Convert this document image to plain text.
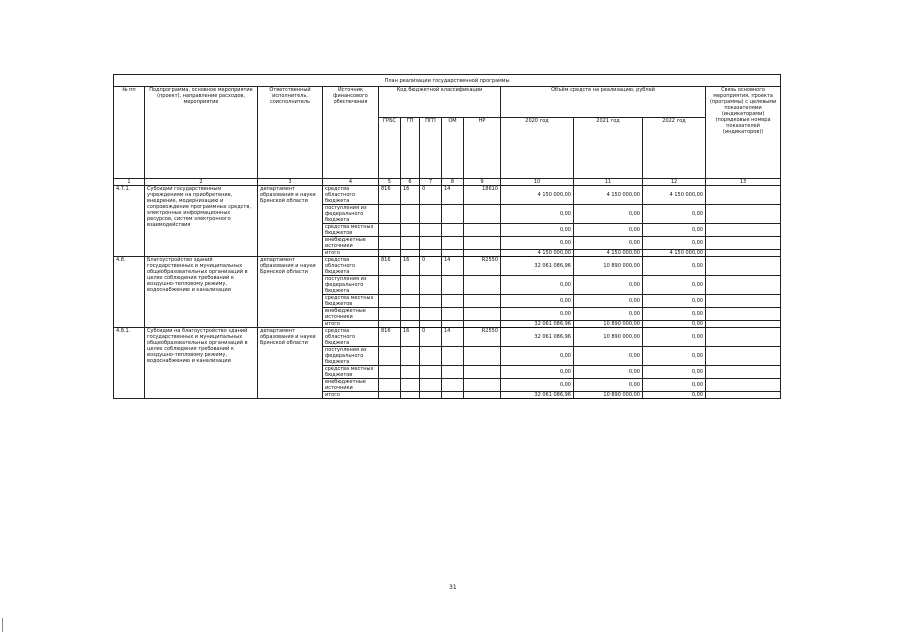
План реализации государственной программы												
№ пп	Подпрограмма, основное мероприятие (проект), направление расходов, мероприятие	Ответственный исполнитель, соисполнитель	Источник финансового обеспечения	Код бюджетной классификации					Объём средств на реализацию, рублей			Связь основного мероприятия, проекта (программы) с целевыми показателями (индикаторами) (порядковые номера показателей (индикаторов))
				ГРБС	ГП	ПГП	ОМ	НР	2020 год	2021 год	2022 год	
1	2	3	4	5	6	7	8	9	10	11	12	13
4.7.1.	Субсидии государственным учреждениям на приобретение, внедрение, модернизацию и сопровождение программных средств, электронных информационных ресурсов, систем электронного взаимодействия	департамент образования и науки Брянской области	средства областного бюджета	816	16	0	14	18610	4 150 000,00	4 150 000,00	4 150 000,00	
			поступления из федерального бюджета						0,00	0,00	0,00	
			средства местных бюджетов						0,00	0,00	0,00	
			внебюджетные источники						0,00	0,00	0,00	
			итого						4 150 000,00	4 150 000,00	4 150 000,00	
4.8.	Благоустройство зданий государственных и муниципальных общеобразовательных организаций в целях соблюдения требований к воздушно-тепловому режиму, водоснабжению и канализации	департамент образования и науки Брянской области	средства областного бюджета	816	16	0	14	R2550	32 061 086,96	10 890 000,00	0,00	
			поступления из федерального бюджета						0,00	0,00	0,00	
			средства местных бюджетов						0,00	0,00	0,00	
			внебюджетные источники						0,00	0,00	0,00	
			итого						32 061 086,96	10 890 000,00	0,00	
4.8.1.	Субсидии на благоустройство зданий государственных и муниципальных общеобразовательных организаций в целях соблюдения требований к воздушно-тепловому режиму, водоснабжению и канализации	департамент образования и науки Брянской области	средства областного бюджета	816	16	0	14	R2550	32 061 086,96	10 890 000,00	0,00	
			поступления из федерального бюджета						0,00	0,00	0,00	
			средства местных бюджетов						0,00	0,00	0,00	
			внебюджетные источники						0,00	0,00	0,00	
			итого						32 061 086,96	10 890 000,00	0,00	
31
